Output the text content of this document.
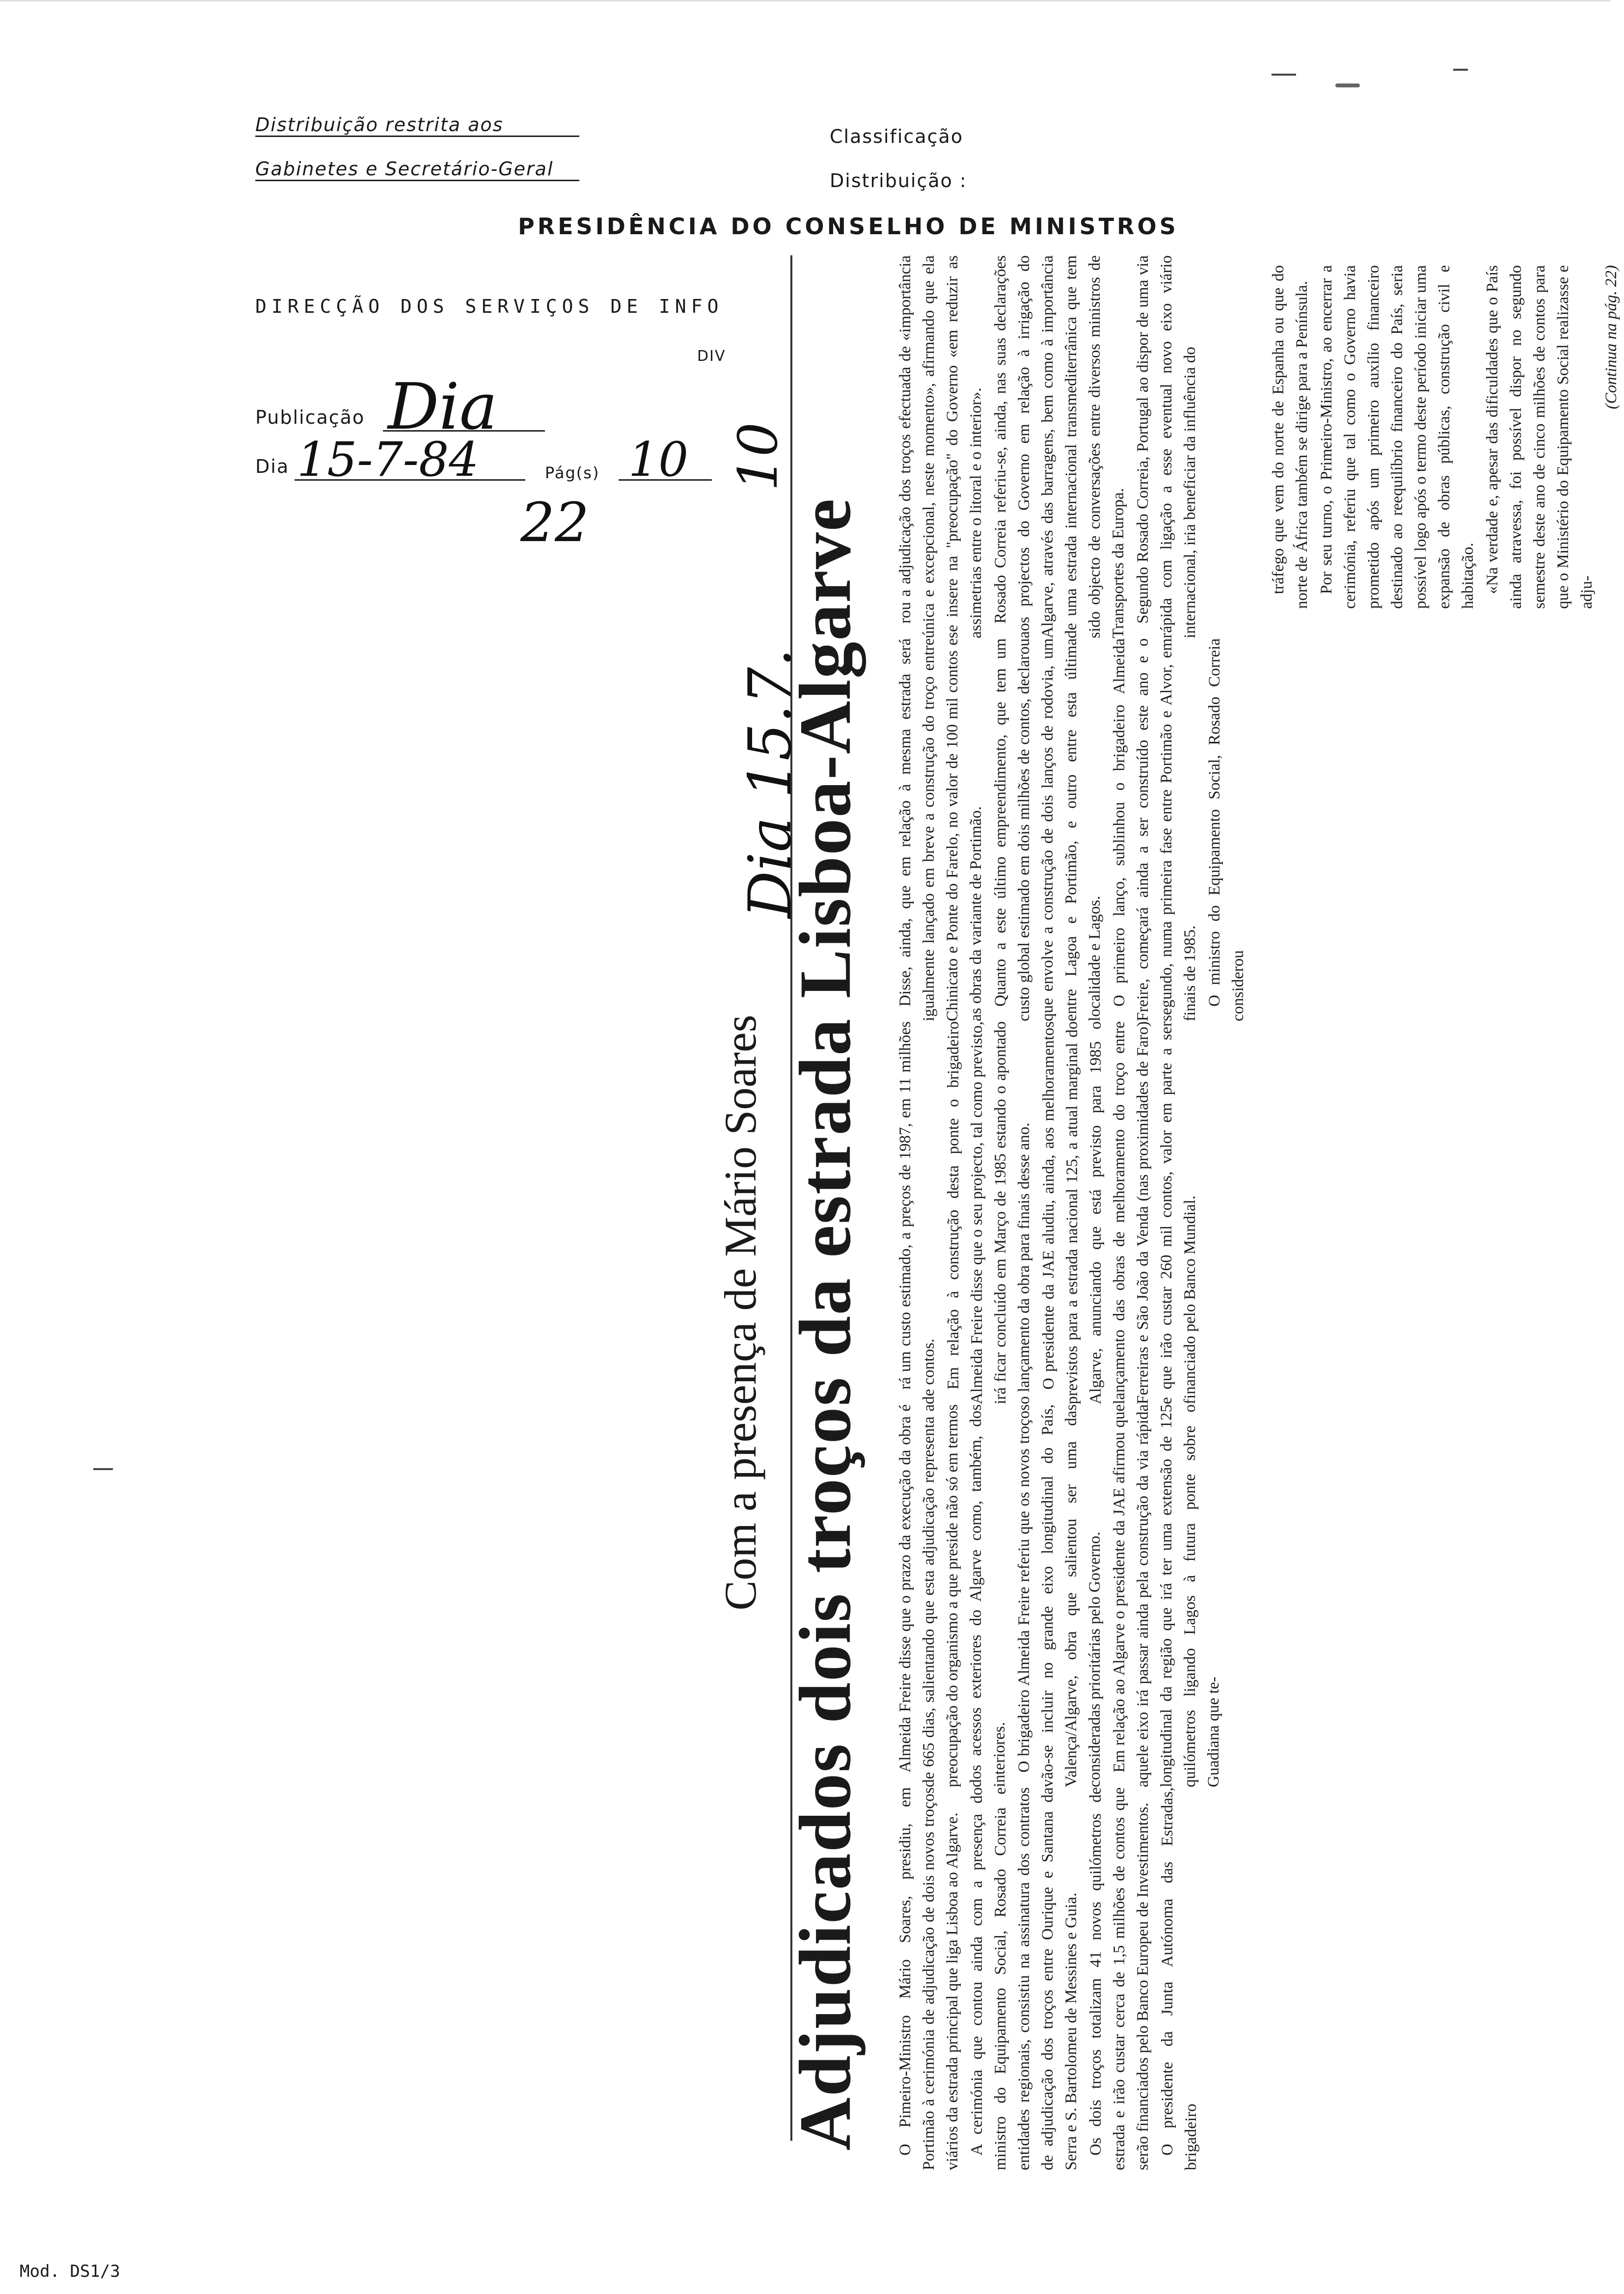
Distribuição restrita aos
Gabinetes e Secretário-Geral
Classificação
Distribuição :
PRESIDÊNCIA DO CONSELHO DE MINISTROS
DIRECÇÃO DOS SERVIÇOS DE INFO
DIV
Publicação Dia
Dia 15-7-84	Pág(s) 10
22
Com a presença de Mário Soares
Dia 15.7.
10
Adjudicados dois troços da estrada Lisboa-Algarve O Pimeiro-Ministro Mário Soares, presidiu, em Portimão à cerimónia de adjudicação de dois novos troços viários da estrada principal que liga Lisboa ao Algarve. A cerimónia que contou ainda com a presença do ministro do Equipamento Social, Rosado Correia e entidades regionais, consistiu na assinatura dos contratos de adjudicação dos troços entre Ourique e Santana da Serra e S. Bartolomeu de Messines e Guia. Os dois troços totalizam 41 novos quilómetros de estrada e irão custar cerca de 1,5 milhões de contos que serão financiados pelo Banco Europeu de Investimentos. O presidente da Junta Autónoma das Estradas, brigadeiro

Almeida Freire disse que o prazo da execução da obra é de 665 dias, salientando que esta adjudicação representa a preocupação do organismo a que preside não só em termos dos acessos exteriores do Algarve como, também, dos interiores. O brigadeiro Almeida Freire referiu que os novos troços vão-se incluir no grande eixo longitudinal do País, Valença/Algarve, obra que salientou ser uma das consideradas prioritárias pelo Governo. Em relação ao Algarve o presidente da JAE afirmou que aquele eixo irá passar ainda pela construção da via rápida longitudinal da região que irá ter uma extensão de 125 quilómetros ligando Lagos à futura ponte sobre o Guadiana que te-

rá um custo estimado, a preços de 1987, em 11 milhões de contos. Em relação à construção desta ponte o brigadeiro Almeida Freire disse que o seu projecto, tal como previsto, irá ficar concluído em Março de 1985 estando o apontado o lançamento da obra para finais desse ano. O presidente da JAE aludiu, ainda, aos melhoramentos previstos para a estrada nacional 125, a atual marginal do Algarve, anunciando que está previsto para 1985 o lançamento das obras de melhoramento do troço entre Ferreiras e São João da Venda (nas proximidades de Faro) e que irão custar 260 mil contos, valor em parte a ser financiado pelo Banco Mundial.

Disse, ainda, que em relação à mesma estrada será igualmente lançado em breve a construção do troço entre Chinicato e Ponte do Farelo, no valor de 100 mil contos e as obras da variante de Portimão. Quanto a este último empreendimento, que tem um custo global estimado em dois milhões de contos, declarou que envolve a construção de dois lanços de rodovia, um entre Lagoa e Portimão, e outro entre esta última localidade e Lagos. O primeiro lanço, sublinhou o brigadeiro Almeida Freire, começará ainda a ser construído este ano e o segundo, numa primeira fase entre Portimão e Alvor, em finais de 1985. O ministro do Equipamento Social, Rosado Correia considerou

rou a adjudicação dos troços efectuada de «importância única e excepcional, neste momento», afirmando que ela se insere na "preocupação" do Governo «em reduzir as assimetrias entre o litoral e o interior». Rosado Correia referiu-se, ainda, nas suas declarações aos projectos do Governo em relação à irrigação do Algarve, através das barragens, bem como à importância de uma estrada internacional transmediterrânica que tem sido objecto de conversações entre diversos ministros de Transportes da Europa. Segundo Rosado Correia, Portugal ao dispor de uma via rápida com ligação a esse eventual novo eixo viário internacional, iria beneficiar da influência do	tráfego que vem do norte de Espanha ou que do norte de África também se dirige para a Península. Por seu turno, o Primeiro-Ministro, ao encerrar a cerimónia, referiu que tal como o Governo havia prometido após um primeiro auxílio financeiro destinado ao reequilíbrio financeiro do País, seria possível logo após o termo deste período iniciar uma expansão de obras públicas, construção civil e habitação. «Na verdade e, apesar das dificuldades que o País ainda atravessa, foi possível dispor no segundo semestre deste ano de cinco milhões de contos para que o Ministério do Equipamento Social realizasse e adju-

(Continua na pág. 22)

Mod. DS1/3
